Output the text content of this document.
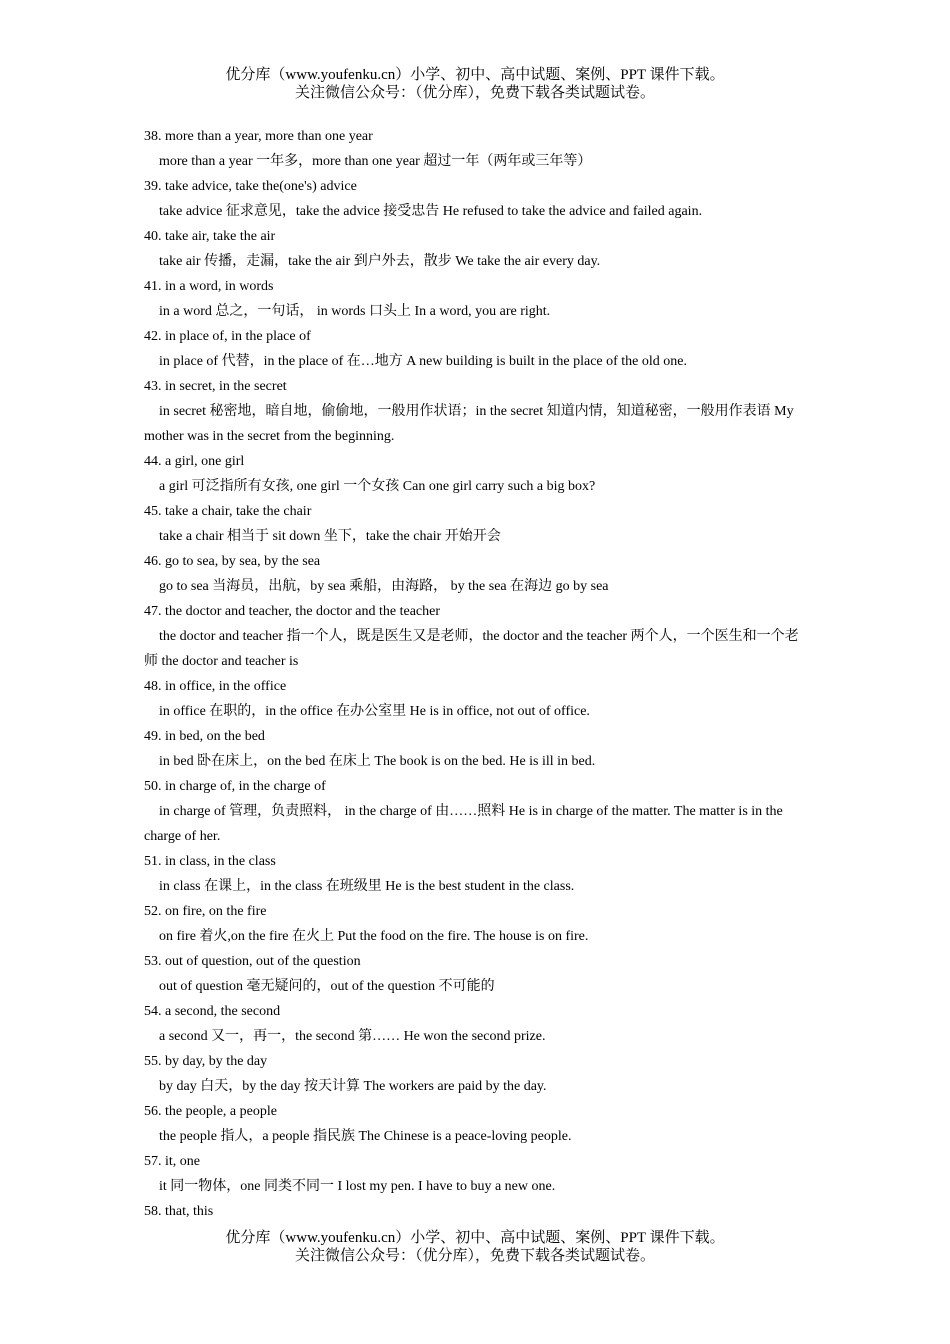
优分库（www.youfenku.cn）小学、初中、高中试题、案例、PPT 课件下载。
关注微信公众号：（优分库），免费下载各类试题试卷。
38. more than a year, more than one year
more than a year 一年多，more than one year 超过一年（两年或三年等）
39. take advice, take the(one's) advice
take advice 征求意见，take the advice 接受忠告 He refused to take the advice and failed again.
40. take air, take the air
take air 传播，走漏，take the air 到户外去，散步 We take the air every day.
41. in a word, in words
in a word 总之，一句话， in words 口头上 In a word, you are right.
42. in place of, in the place of
in place of 代替，in the place of 在…地方 A new building is built in the place of the old one.
43. in secret, in the secret
in secret 秘密地，暗自地，偷偷地，一般用作状语；in the secret 知道内情，知道秘密，一般用作表语 My mother was in the secret from the beginning.
44. a girl, one girl
a girl 可泛指所有女孩, one girl 一个女孩 Can one girl carry such a big box?
45. take a chair, take the chair
take a chair 相当于 sit down 坐下，take the chair 开始开会
46. go to sea, by sea, by the sea
go to sea 当海员，出航，by sea 乘船，由海路， by the sea 在海边 go by sea
47. the doctor and teacher, the doctor and the teacher
the doctor and teacher 指一个人，既是医生又是老师，the doctor and the teacher 两个人，一个医生和一个老师 the doctor and teacher is
48. in office, in the office
in office 在职的，in the office 在办公室里 He is in office, not out of office.
49. in bed, on the bed
in bed 卧在床上，on the bed 在床上 The book is on the bed. He is ill in bed.
50. in charge of, in the charge of
in charge of 管理，负责照料， in the charge of 由……照料 He is in charge of the matter. The matter is in the charge of her.
51. in class, in the class
in class 在课上，in the class 在班级里 He is the best student in the class.
52. on fire, on the fire
on fire 着火,on the fire 在火上 Put the food on the fire. The house is on fire.
53. out of question, out of the question
out of question 毫无疑问的，out of the question 不可能的
54. a second, the second
a second 又一，再一，the second 第…… He won the second prize.
55. by day, by the day
by day 白天，by the day 按天计算 The workers are paid by the day.
56. the people, a people
the people 指人，a people 指民族 The Chinese is a peace-loving people.
57. it, one
it 同一物体，one 同类不同一 I lost my pen. I have to buy a new one.
58. that, this
优分库（www.youfenku.cn）小学、初中、高中试题、案例、PPT 课件下载。
关注微信公众号：（优分库），免费下载各类试题试卷。
